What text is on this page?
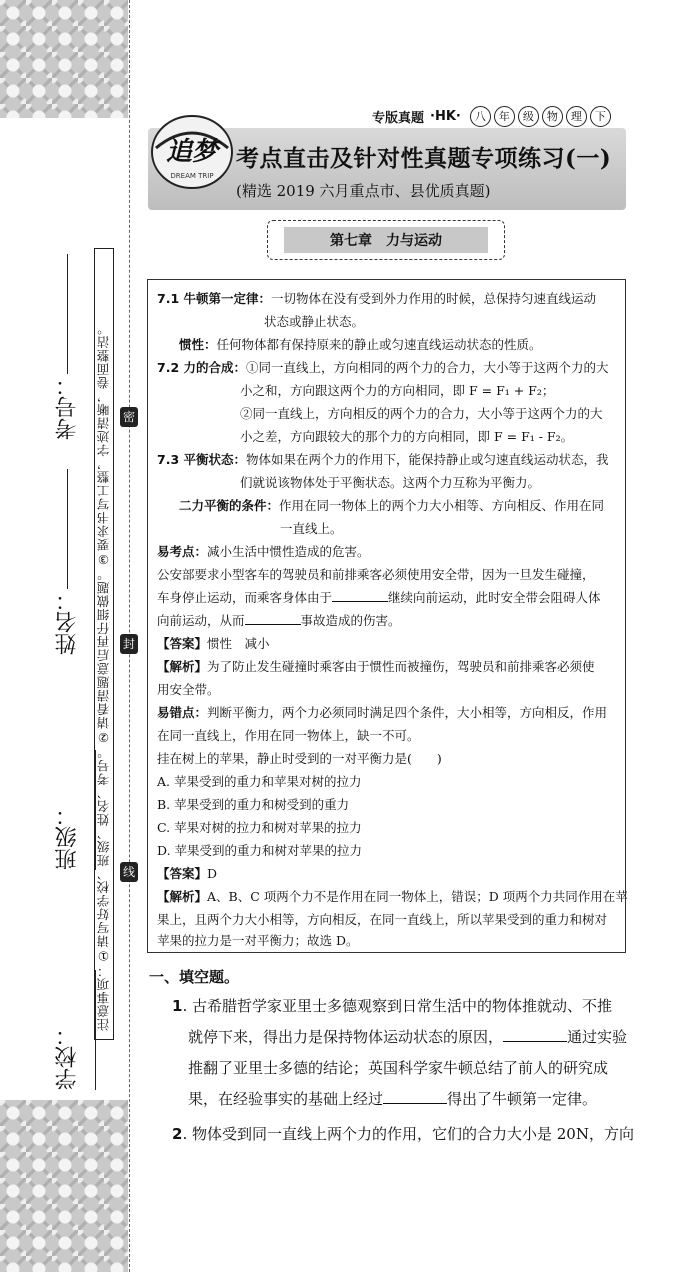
学校：
班级：
姓名：
考号： 注意事项：①请写好学校、班级、姓名、考号。②请看清题意后再仔细做题。③要求书写工整，字迹清晰，卷面整洁。 密
封
线
专版真题 ·HK·	八	年	级	物	理	下
追梦
DREAM TRIP
考点直击及针对性真题专项练习(一)
(精选 2019 六月重点市、县优质真题)
第七章　力与运动
7.1 牛顿第一定律：一切物体在没有受到外力作用的时候，总保持匀速直线运动
状态或静止状态。
惯性：任何物体都有保持原来的静止或匀速直线运动状态的性质。
7.2 力的合成：①同一直线上，方向相同的两个力的合力，大小等于这两个力的大
小之和，方向跟这两个力的方向相同，即 F = F₁ + F₂；
②同一直线上，方向相反的两个力的合力，大小等于这两个力的大
小之差，方向跟较大的那个力的方向相同，即 F = F₁ - F₂。
7.3 平衡状态：物体如果在两个力的作用下，能保持静止或匀速直线运动状态，我
们就说该物体处于平衡状态。这两个力互称为平衡力。
二力平衡的条件：作用在同一物体上的两个力大小相等、方向相反、作用在同
一直线上。
易考点：减小生活中惯性造成的危害。
公安部要求小型客车的驾驶员和前排乘客必须使用安全带，因为一旦发生碰撞，
车身停止运动，而乘客身体由于	继续向前运动，此时安全带会阻碍人体
向前运动，从而	事故造成的伤害。
【答案】惯性　减小
【解析】为了防止发生碰撞时乘客由于惯性而被撞伤，驾驶员和前排乘客必须使
用安全带。
易错点：判断平衡力，两个力必须同时满足四个条件，大小相等，方向相反，作用
在同一直线上，作用在同一物体上，缺一不可。
挂在树上的苹果，静止时受到的一对平衡力是(　　)
A. 苹果受到的重力和苹果对树的拉力
B. 苹果受到的重力和树受到的重力
C. 苹果对树的拉力和树对苹果的拉力
D. 苹果受到的重力和树对苹果的拉力
【答案】D
【解析】A、B、C 项两个力不是作用在同一物体上，错误；D 项两个力共同作用在苹
果上，且两个力大小相等，方向相反，在同一直线上，所以苹果受到的重力和树对
苹果的拉力是一对平衡力；故选 D。
一、填空题。
1. 古希腊哲学家亚里士多德观察到日常生活中的物体推就动、不推
就停下来，得出力是保持物体运动状态的原因，	通过实验
推翻了亚里士多德的结论；英国科学家牛顿总结了前人的研究成
果，在经验事实的基础上经过	得出了牛顿第一定律。
2. 物体受到同一直线上两个力的作用，它们的合力大小是 20N，方向
